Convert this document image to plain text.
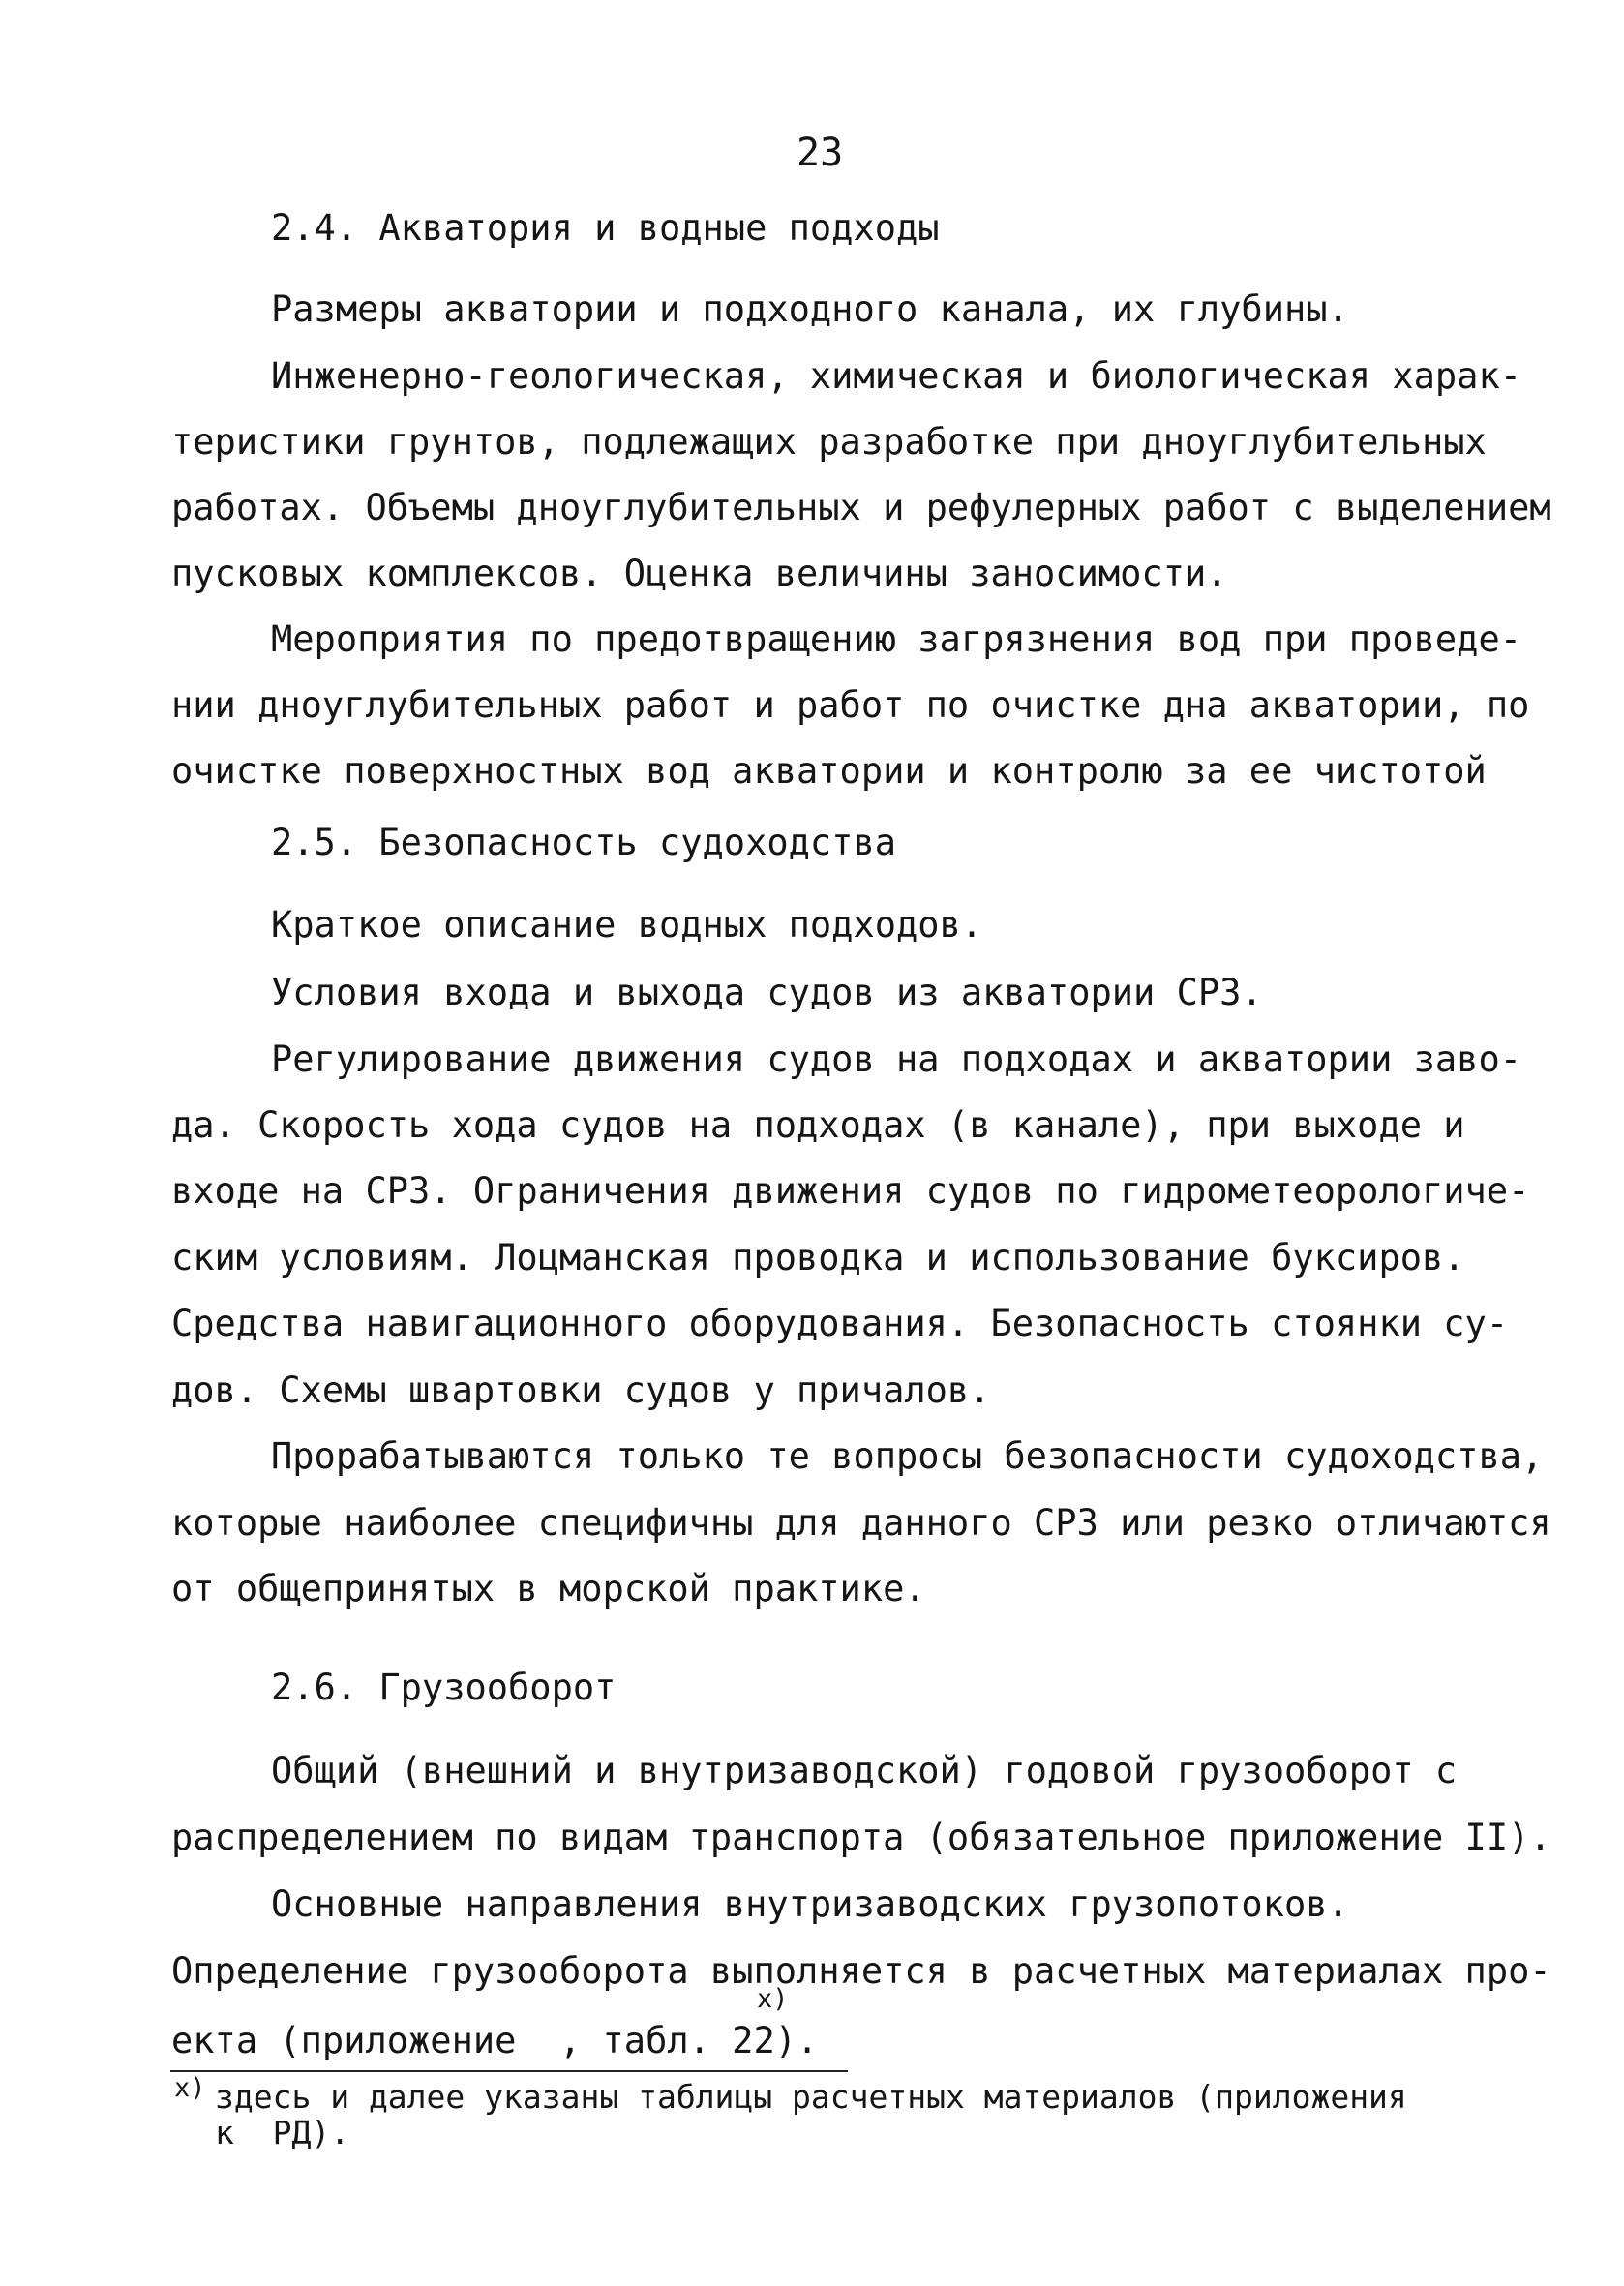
23
2.4. Акватория и водные подходы
Размеры акватории и подходного канала, их глубины.
Инженерно-геологическая, химическая и биологическая харак-
теристики грунтов, подлежащих разработке при дноуглубительных
работах. Объемы дноуглубительных и рефулерных работ с выделением
пусковых комплексов. Оценка величины заносимости.
Мероприятия по предотвращению загрязнения вод при проведе-
нии дноуглубительных работ и работ по очистке дна акватории, по
очистке поверхностных вод акватории и контролю за ее чистотой
2.5. Безопасность судоходства
Краткое описание водных подходов.
Условия входа и выхода судов из акватории СРЗ.
Регулирование движения судов на подходах и акватории заво-
да. Скорость хода судов на подходах (в канале), при выходе и
входе на СРЗ. Ограничения движения судов по гидрометеорологиче-
ским условиям. Лоцманская проводка и использование буксиров.
Средства навигационного оборудования. Безопасность стоянки су-
дов. Схемы швартовки судов у причалов.
Прорабатываются только те вопросы безопасности судоходства,
которые наиболее специфичны для данного СРЗ или резко отличаются
от общепринятых в морской практике.
2.6. Грузооборот
Общий (внешний и внутризаводской) годовой грузооборот с
распределением по видам транспорта (обязательное приложение II).
Основные направления внутризаводских грузопотоков.
Определение грузооборота выполняется в расчетных материалах про-
х)
екта (приложение  , табл. 22).
х) здесь и далее указаны таблицы расчетных материалов (приложения
к  РД).
